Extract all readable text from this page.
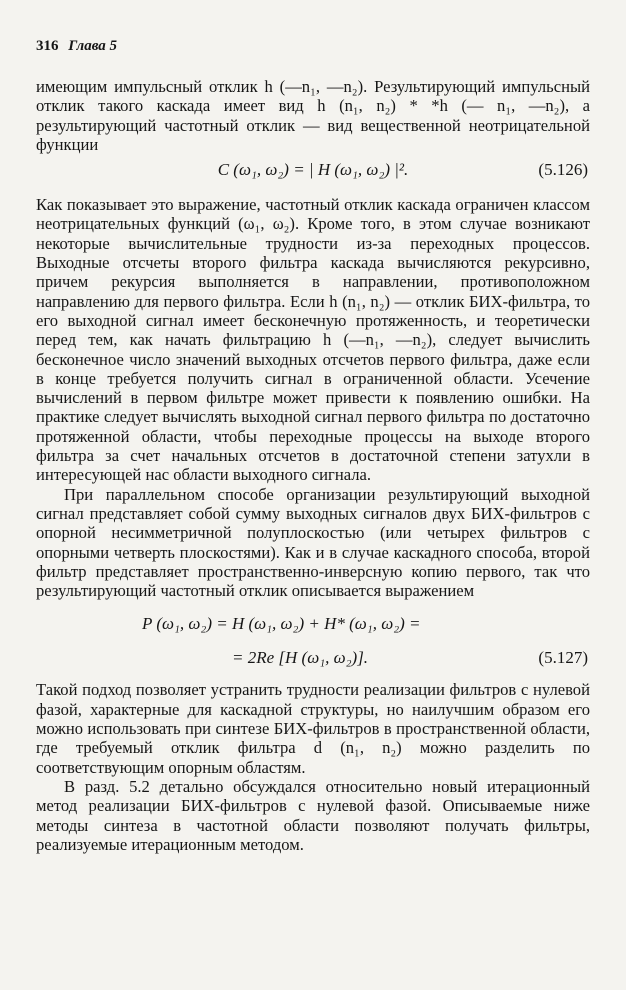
316 Глава 5

имеющим импульсный отклик h (—n₁, —n₂). Результирующий импульсный отклик такого каскада имеет вид h (n₁, n₂) * *h (— n₁, —n₂), а результирующий частотный отклик — вид вещественной неотрицательной функции

C (ω₁, ω₂) = | H (ω₁, ω₂) |².	(5.126)

Как показывает это выражение, частотный отклик каскада ограничен классом неотрицательных функций (ω₁, ω₂). Кроме того, в этом случае возникают некоторые вычислительные трудности из-за переходных процессов. Выходные отсчеты второго фильтра каскада вычисляются рекурсивно, причем рекурсия выполняется в направлении, противоположном направлению для первого фильтра. Если h (n₁, n₂) — отклик БИХ-фильтра, то его выходной сигнал имеет бесконечную протяженность, и теоретически перед тем, как начать фильтрацию h (—n₁, —n₂), следует вычислить бесконечное число значений выходных отсчетов первого фильтра, даже если в конце требуется получить сигнал в ограниченной области. Усечение вычислений в первом фильтре может привести к появлению ошибки. На практике следует вычислять выходной сигнал первого фильтра по достаточно протяженной области, чтобы переходные процессы на выходе второго фильтра за счет начальных отсчетов в достаточной степени затухли в интересующей нас области выходного сигнала.

При параллельном способе организации результирующий выходной сигнал представляет собой сумму выходных сигналов двух БИХ-фильтров с опорной несимметричной полуплоскостью (или четырех фильтров с опорными четверть плоскостями). Как и в случае каскадного способа, второй фильтр представляет пространственно-инверсную копию первого, так что результирующий частотный отклик описывается выражением

P (ω₁, ω₂) = H (ω₁, ω₂) + H* (ω₁, ω₂) =
= 2Re [H (ω₁, ω₂)].	(5.127)

Такой подход позволяет устранить трудности реализации фильтров с нулевой фазой, характерные для каскадной структуры, но наилучшим образом его можно использовать при синтезе БИХ-фильтров в пространственной области, где требуемый отклик фильтра d (n₁, n₂) можно разделить по соответствующим опорным областям.

В разд. 5.2 детально обсуждался относительно новый итерационный метод реализации БИХ-фильтров с нулевой фазой. Описываемые ниже методы синтеза в частотной области позволяют получать фильтры, реализуемые итерационным методом.
